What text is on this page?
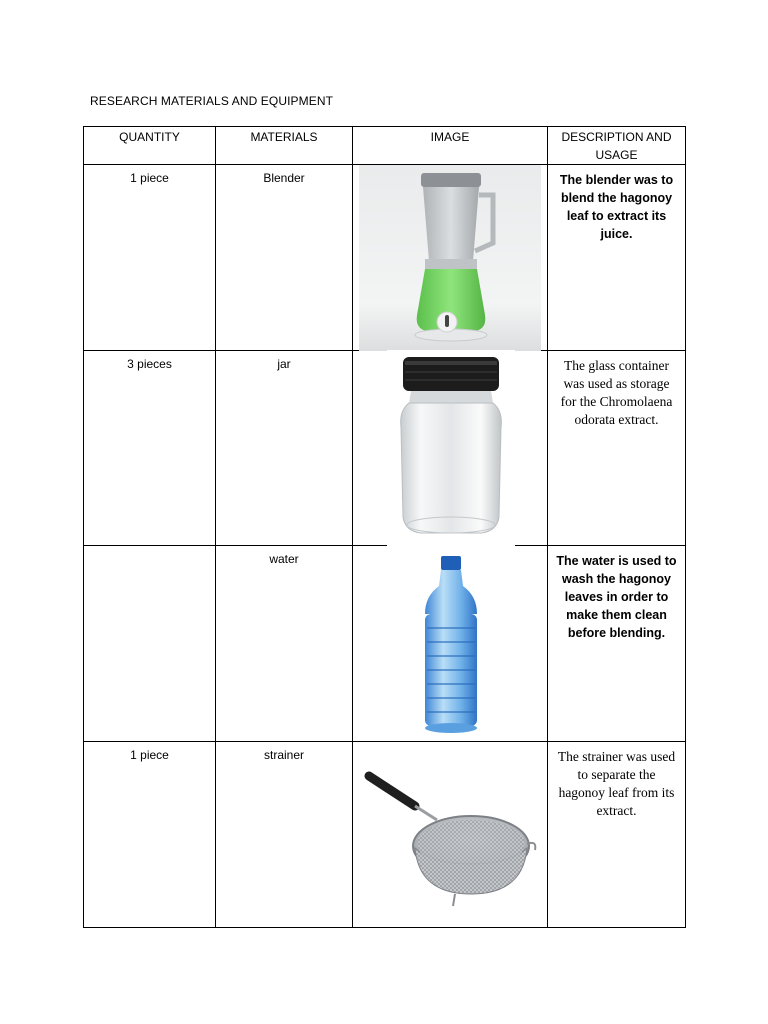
RESEARCH MATERIALS AND EQUIPMENT
QUANTITY	MATERIALS	IMAGE	DESCRIPTION AND USAGE

1 piece	Blender		The blender was to blend the hagonoy leaf to extract its juice.

3 pieces	jar		The glass container was used as storage for the Chromolaena odorata extract.

	water		The water is used to wash the hagonoy leaves in order to make them clean before blending.

1 piece	strainer		The strainer was used to separate the hagonoy leaf from its extract.
